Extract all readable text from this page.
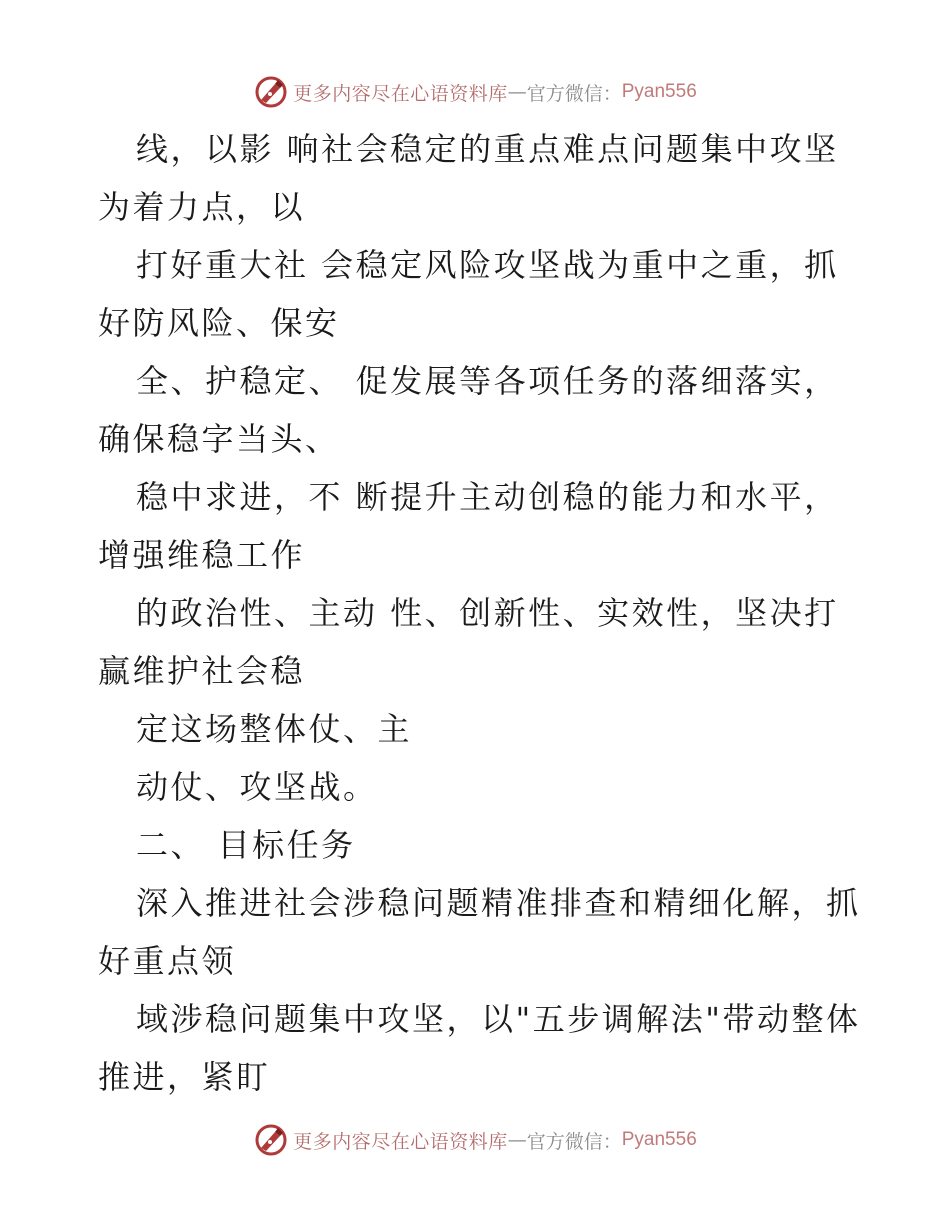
更多内容尽在心语资料库 — 官方微信： Pyan556
线，以影 响社会稳定的重点难点问题集中攻坚
为着力点，以
打好重大社 会稳定风险攻坚战为重中之重，抓
好防风险、保安
全、护稳定、 促发展等各项任务的落细落实，
确保稳字当头、
稳中求进，不 断提升主动创稳的能力和水平，
增强维稳工作
的政治性、主动 性、创新性、实效性，坚决打
赢维护社会稳
定这场整体仗、主
动仗、攻坚战。
二、 目标任务
深入推进社会涉稳问题精准排查和精细化解，抓
好重点领
域涉稳问题集中攻坚，以"五步调解法"带动整体
推进，紧盯
更多内容尽在心语资料库 — 官方微信： Pyan556
